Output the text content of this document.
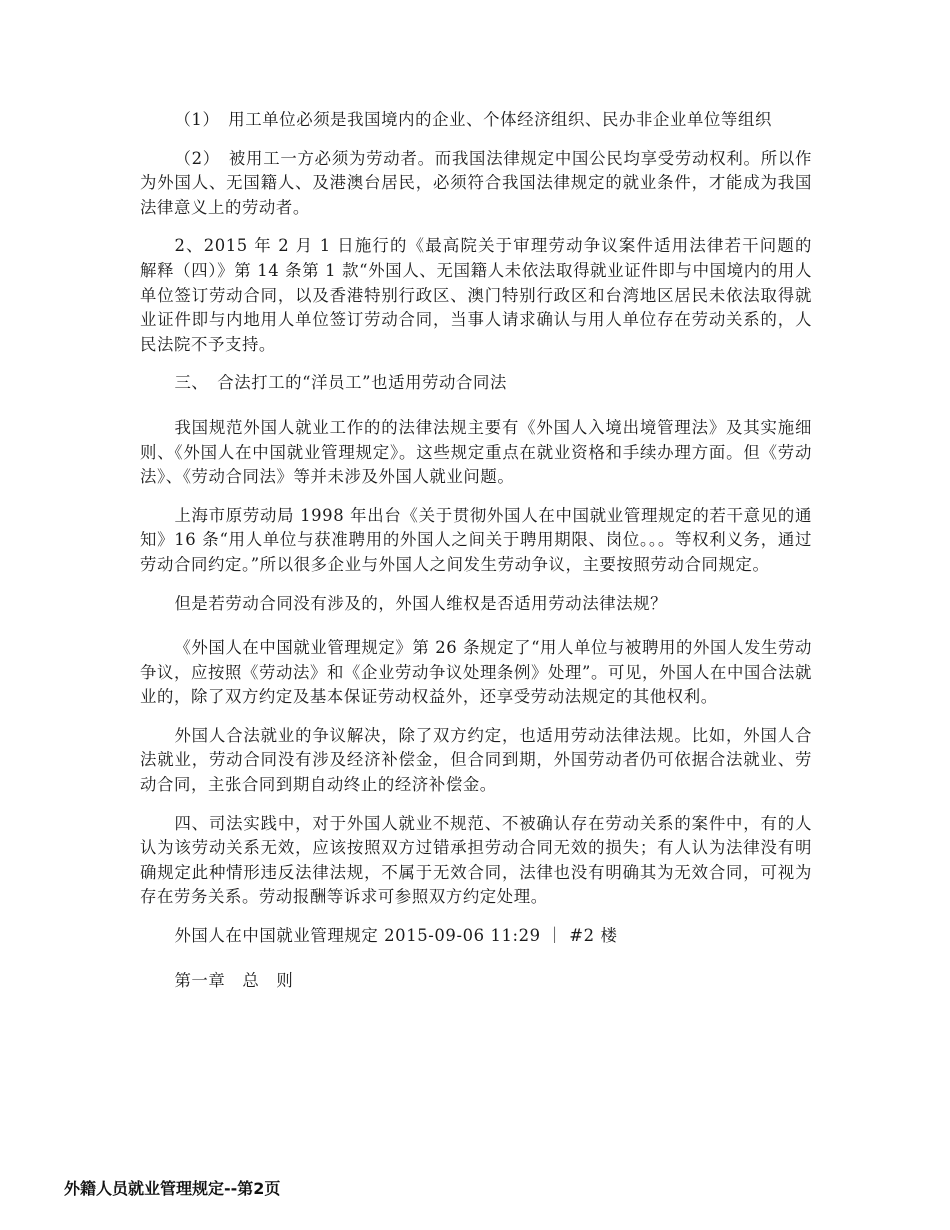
（1）　用工单位必须是我国境内的企业、个体经济组织、民办非企业单位等组织

（2）　被用工一方必须为劳动者。而我国法律规定中国公民均享受劳动权利。所以作为外国人、无国籍人、及港澳台居民，必须符合我国法律规定的就业条件，才能成为我国法律意义上的劳动者。

2、2015 年 2 月 1 日施行的《最高院关于审理劳动争议案件适用法律若干问题的　解释（四）》第 14 条第 1 款“外国人、无国籍人未依法取得就业证件即与中国境内的用人单位签订劳动合同，以及香港特别行政区、澳门特别行政区和台湾地区居民未依法取得就业证件即与内地用人单位签订劳动合同，当事人请求确认与用人单位存在劳动关系的，人民法院不予支持。

三、　合法打工的“洋员工”也适用劳动合同法

我国规范外国人就业工作的的法律法规主要有《外国人入境出境管理法》及其实施细则、《外国人在中国就业管理规定》。这些规定重点在就业资格和手续办理方面。但《劳动法》、《劳动合同法》等并未涉及外国人就业问题。

上海市原劳动局 1998 年出台《关于贯彻外国人在中国就业管理规定的若干意见的通知》16 条“用人单位与获准聘用的外国人之间关于聘用期限、岗位。。。等权利义务，通过劳动合同约定。”所以很多企业与外国人之间发生劳动争议，主要按照劳动合同规定。

但是若劳动合同没有涉及的，外国人维权是否适用劳动法律法规？

《外国人在中国就业管理规定》第 26 条规定了“用人单位与被聘用的外国人发生劳动争议，应按照《劳动法》和《企业劳动争议处理条例》处理”。可见，外国人在中国合法就业的，除了双方约定及基本保证劳动权益外，还享受劳动法规定的其他权利。

外国人合法就业的争议解决，除了双方约定，也适用劳动法律法规。比如，外国人合法就业，劳动合同没有涉及经济补偿金，但合同到期，外国劳动者仍可依据合法就业、劳动合同，主张合同到期自动终止的经济补偿金。

四、司法实践中，对于外国人就业不规范、不被确认存在劳动关系的案件中，有的人认为该劳动关系无效，应该按照双方过错承担劳动合同无效的损失；有人认为法律没有明确规定此种情形违反法律法规，不属于无效合同，法律也没有明确其为无效合同，可视为存在劳务关系。劳动报酬等诉求可参照双方约定处理。

外国人在中国就业管理规定 2015-09-06 11:29 ｜ #2 楼

第一章　总　则

外籍人员就业管理规定--第2页
